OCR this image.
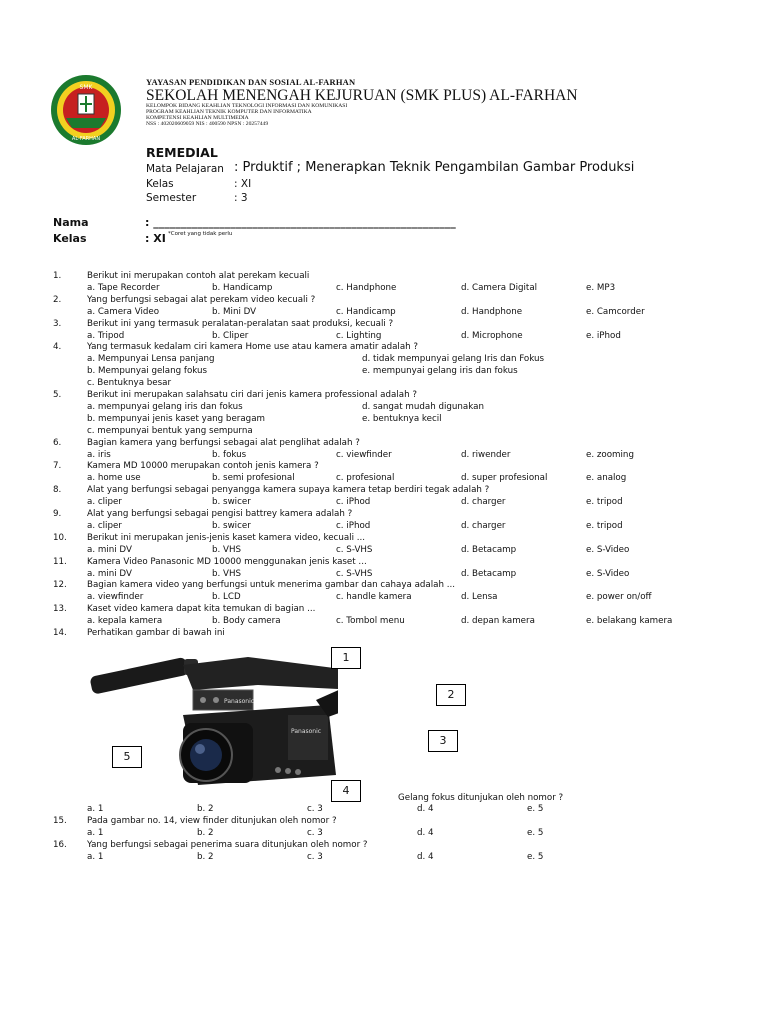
SMK
AL-FARHAN
YAYASAN PENDIDIKAN DAN SOSIAL AL-FARHAN
SEKOLAH MENENGAH KEJURUAN (SMK PLUS) AL-FARHAN
KELOMPOK BIDANG KEAHLIAN TEKNOLOGI INFORMASI DAN KOMUNIKASI
PROGRAM KEAHLIAN TEKNIK KOMPUTER DAN INFORMATIKA
KOMPETENSI KEAHLIAN MULTIMEDIA
NSS : 402020609059 NIS : 400590 NPSN : 20257449
REMEDIAL
Mata Pelajaran : Prduktif ; Menerapkan Teknik Pengambilan Gambar Produksi
Kelas	: XI
Semester	: 3
Nama	: _______________________________________________________
Kelas	: XI *Coret yang tidak perlu
1.	Berikut ini merupakan contoh alat perekam kecuali
a. Tape Recorder	b. Handicamp	c. Handphone	d. Camera Digital	e. MP3
2.	Yang berfungsi sebagai alat perekam video kecuali ?
a. Camera Video	b. Mini DV	c. Handicamp	d. Handphone	e. Camcorder
3.	Berikut ini yang termasuk peralatan-peralatan saat produksi, kecuali ?
a. Tripod	b. Cliper	c. Lighting	d. Microphone	e. iPhod
4.	Yang termasuk kedalam ciri kamera Home use atau kamera amatir adalah ?
a. Mempunyai Lensa panjang	d. tidak mempunyai gelang Iris dan Fokus
b. Mempunyai gelang fokus	e. mempunyai gelang iris dan fokus
c. Bentuknya besar
5.	Berikut ini merupakan salahsatu ciri dari jenis kamera professional adalah ?
a. mempunyai gelang iris dan fokus	d. sangat mudah digunakan
b. mempunyai jenis kaset yang beragam	e. bentuknya kecil
c. mempunyai bentuk yang sempurna
6.	Bagian kamera yang berfungsi sebagai alat penglihat adalah ?
a. iris	b. fokus	c. viewfinder	d. riwender	e. zooming
7.	Kamera MD 10000 merupakan contoh jenis kamera ?
a. home use	b. semi profesional	c. profesional	d. super profesional	e. analog
8.	Alat yang berfungsi sebagai penyangga kamera supaya kamera tetap berdiri tegak adalah ?
a. cliper	b. swicer	c. iPhod	d. charger	e. tripod
9.	Alat yang berfungsi sebagai pengisi battrey kamera adalah ?
a. cliper	b. swicer	c. iPhod	d. charger	e. tripod
10. Berikut ini merupakan jenis-jenis kaset kamera video, kecuali ...
a. mini DV	b. VHS	c. S-VHS	d. Betacamp	e. S-Video
11. Kamera Video Panasonic MD 10000 menggunakan jenis kaset ...
a. mini DV	b. VHS	c. S-VHS	d. Betacamp	e. S-Video
12. Bagian kamera video yang berfungsi untuk menerima gambar dan cahaya adalah ...
a. viewfinder	b. LCD	c. handle kamera	d. Lensa	e. power on/off
13. Kaset video kamera dapat kita temukan di bagian ...
a. kepala kamera	b. Body camera	c. Tombol menu	d. depan kamera	e. belakang kamera
14. Perhatikan gambar di bawah ini
Panasonic
Panasonic
1
2
3
4
5
Gelang fokus ditunjukan oleh nomor ?
a. 1	b. 2	c. 3	d. 4	e. 5
15. Pada gambar no. 14, view finder ditunjukan oleh nomor ?
a. 1	b. 2	c. 3	d. 4	e. 5
16. Yang berfungsi sebagai penerima suara ditunjukan oleh nomor ?
a. 1	b. 2	c. 3	d. 4	e. 5
